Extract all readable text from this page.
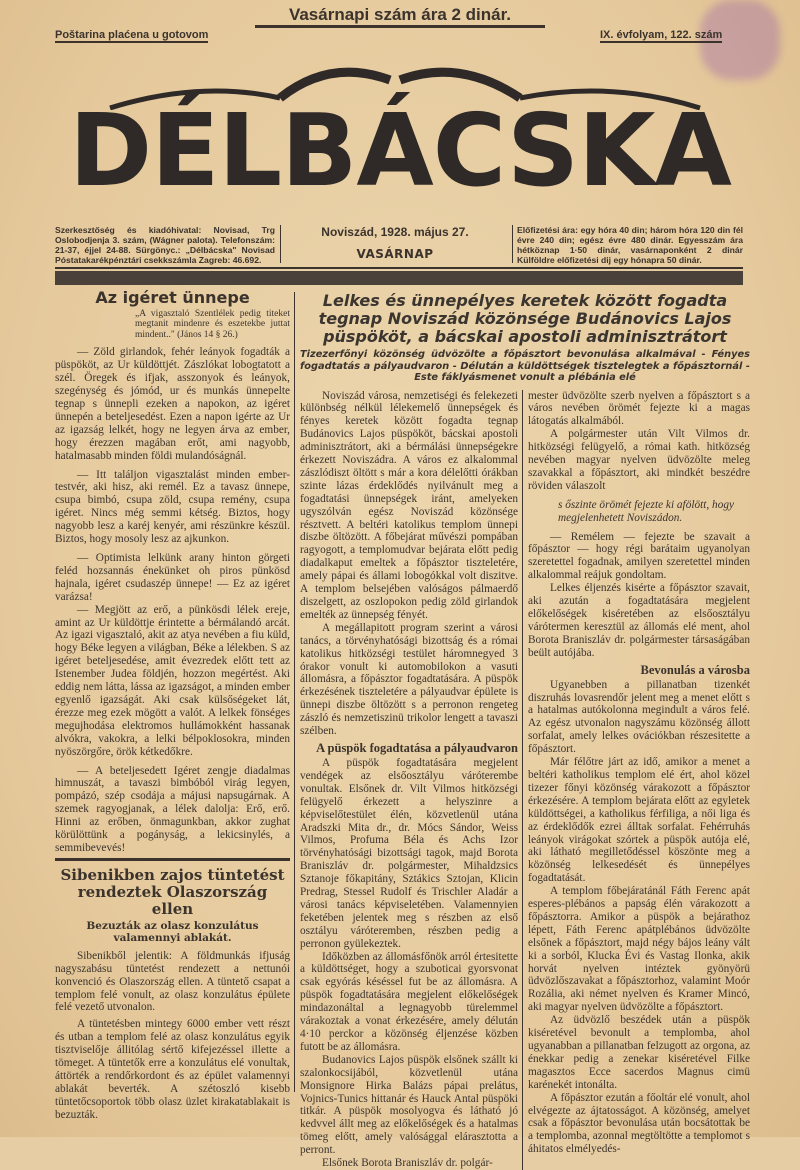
Vasárnapi szám ára 2 dinár.
Poštarina plaćena u gotovom	IX. évfolyam, 122. szám
DÉLBÁCSKA
Szerkesztőség és kiadóhivatal: Novisad, Trg Oslobodjenja 3. szám, (Wágner palota). Telefonszám: 21-37, éjjel 24-88. Sürgönyc.: „Délbácska" Novisad Póstatakarékpénztári csekkszámla Zagreb: 46.692.
Noviszád, 1928. május 27.
VASÁRNAP
Előfizetési ára: egy hóra 40 din; három hóra 120 din fél évre 240 din; egész évre 480 dinár. Egyesszám ára hétköznap 1·50 dinár, vasárnaponként 2 dinár Külföldre előfizetési dij egy hónapra 50 dinár.
Az igéret ünnepe
„A vigasztaló Szentlélek pedig titeket megtanit mindenre és eszetekbe juttat mindent.." (János 14 § 26.)

— Zöld girlandok, fehér leányok fogadták a püspököt, az Ur küldöttjét. Zászlókat lobogtatott a szél. Öregek és ifjak, asszonyok és leányok, szegénység és jómód, ur és munkás ünnepelte tegnap s ünnepli ezeken a napokon, az igéret ünnepén a beteljesedést. Ezen a napon igérte az Ur az igazság lelkét, hogy ne legyen árva az ember, hogy érezzen magában erőt, ami nagyobb, hatalmasabb minden földi mulandóságnál.

— Itt találjon vigasztalást minden ember-testvér, aki hisz, aki remél. Ez a tavasz ünnepe, csupa bimbó, csupa zöld, csupa remény, csupa igéret. Nincs még semmi kétség. Biztos, hogy nagyobb lesz a karéj kenyér, ami részünkre készül. Biztos, hogy mosoly lesz az ajkunkon.

— Optimista lelkünk arany hinton görgeti feléd hozsannás énekünket oh piros pünkösd hajnala, igéret csudaszép ünnepe! — Ez az igéret varázsa!

— Megjött az erő, a pünkösdi lélek ereje, amint az Ur küldöttje érintette a bérmálandó arcát. Az igazi vigasztaló, akit az atya nevében a fiu küld, hogy Béke legyen a világban, Béke a lélekben. S az igéret beteljesedése, amit évezredek előtt tett az Istenember Judea földjén, hozzon megértést. Aki eddig nem látta, lássa az igazságot, a minden ember egyenlő igazságát. Aki csak külsőségeket lát, érezze meg ezek mögött a valót. A lelkek fönséges megujhodása elektromos hullámokként hassanak alvókra, vakokra, a lelki bélpoklosokra, minden nyöszörgőre, örök kétkedőkre.

— A beteljesedett Igéret zengje diadalmas himnuszát, a tavaszi bimbóból virág legyen, pompázó, szép csodája a májusi napsugárnak. A szemek ragyogjanak, a lélek dalolja: Erő, erő. Hinni az erőben, önmagunkban, akkor zughat körülöttünk a pogányság, a lekicsinylés, a semmibevevés!

Sibenikben zajos tüntetést rendeztek Olaszország ellen
Bezuzták az olasz konzulátus valamennyi ablakát.

Sibenikből jelentik: A földmunkás ifjuság nagyszabásu tüntetést rendezett a nettunói konvenció és Olaszország ellen. A tüntető csapat a templom felé vonult, az olasz konzulátus épülete felé vezető utvonalon.

A tüntetésben mintegy 6000 ember vett részt és utban a templom felé az olasz konzulátus egyik tisztviselője állitólag sértő kifejezéssel illette a tömeget. A tüntetők erre a konzulátus elé vonultak, áttörték a rendőrkordont és az épület valamennyi ablakát beverték. A szétoszló kisebb tüntetőcsoportok több olasz üzlet kirakatablakait is bezuzták.

Lelkes és ünnepélyes keretek között fogadta tegnap Noviszád közönsége Budánovics Lajos püspököt, a bácskai apostoli adminisztrátort
Tizezerfőnyi közönség üdvözölte a főpásztort bevonulása alkalmával - Fényes fogadtatás a pályaudvaron - Délután a küldöttségek tisztelegtek a főpásztornál - Este fáklyásmenet vonult a plébánia elé

Noviszád városa, nemzetiségi és felekezeti különbség nélkül lélekemelő ünnepségek és fényes keretek között fogadta tegnap Budánovics Lajos püspököt, bácskai apostoli adminisztrátort, aki a bérmálási ünnepségekre érkezett Noviszádra. A város ez alkalommal zászlódiszt öltött s már a kora délelőtti órákban szinte lázas érdeklődés nyilvánult meg a fogadtatási ünnepségek iránt, amelyeken ugyszólván egész Noviszád közönsége résztvett. A beltéri katolikus templom ünnepi diszbe öltözött. A főbejárat művészi pompában ragyogott, a templomudvar bejárata előtt pedig diadalkaput emeltek a főpásztor tiszteletére, amely pápai és állami lobogókkal volt diszitve. A templom belsejében valóságos pálmaerdő diszelgett, az oszlopokon pedig zöld girlandok emelték az ünnepség fényét.

A megállapitott program szerint a városi tanács, a törvényhatósági bizottság és a római katolikus hitközségi testület háromnegyed 3 órakor vonult ki automobilokon a vasuti állomásra, a főpásztor fogadtatására. A püspök érkezésének tiszteletére a pályaudvar épülete is ünnepi diszbe öltözött s a perronon rengeteg zászló és nemzetiszinü trikolor lengett a tavaszi szélben.

A püspök fogadtatása a pályaudvaron

A püspök fogadtatására megjelent vendégek az elsőosztályu váróterembe vonultak. Elsőnek dr. Vilt Vilmos hitközségi felügyelő érkezett a helyszinre a képviselőtestület élén, közvetlenül utána Aradszki Mita dr., dr. Mócs Sándor, Weiss Vilmos, Profuma Béla és Achs Izor törvényhatósági bizottsági tagok, majd Borota Braniszláv dr. polgármester, Mihaldzsics Sztanoje főkapitány, Sztákics Sztojan, Klicin Predrag, Stessel Rudolf és Trischler Aladár a városi tanács képviseletében. Valamennyien feketében jelentek meg s részben az első osztályu váróteremben, részben pedig a perronon gyülekeztek.

Időközben az állomásfőnök arról értesitette a küldöttséget, hogy a szuboticai gyorsvonat csak egyórás késéssel fut be az állomásra. A püspök fogadtatására megjelent előkelőségek mindazonáltal a legnagyobb türelemmel várakoztak a vonat érkezésére, amely délután 4·10 perckor a közönség éljenzése közben futott be az állomásra.

Budanovics Lajos püspök elsőnek szállt ki szalonkocsijából, közvetlenül utána Monsignore Hirka Balázs pápai prelátus, Vojnics-Tunics hittanár és Hauck Antal püspöki titkár. A püspök mosolyogva és látható jó kedvvel állt meg az előkelőségek és a hatalmas tömeg előtt, amely valósággal elárasztotta a perront.

Elsőnek Borota Braniszláv dr. polgár-

mester üdvözölte szerb nyelven a főpásztort s a város nevében örömét fejezte ki a magas látogatás alkalmából.

A polgármester után Vilt Vilmos dr. hitközségi felügyelő, a római kath. hitközség nevében magyar nyelven üdvözölte meleg szavakkal a főpásztort, aki mindkét beszédre röviden válaszolt

s őszinte örömét fejezte ki afölött, hogy megjelenhetett Noviszádon.

— Remélem — fejezte be szavait a főpásztor — hogy régi barátaim ugyanolyan szeretettel fogadnak, amilyen szeretettel minden alkalommal reájuk gondoltam.

Lelkes éljenzés kisérte a főpásztor szavait, aki azután a fogadtatására megjelent előkelőségek kiséretében az elsőosztályu várótermen keresztül az állomás elé ment, ahol Borota Braniszláv dr. polgármester társaságában beült autójába.

Bevonulás a városba

Ugyanebben a pillanatban tizenkét diszruhás lovasrendőr jelent meg a menet előtt s a hatalmas autókolonna megindult a város felé. Az egész utvonalon nagyszámu közönség állott sorfalat, amely lelkes ovációkban részesitette a főpásztort.

Már félőtre járt az idő, amikor a menet a beltéri katholikus templom elé ért, ahol közel tizezer főnyi közönség várakozott a főpásztor érkezésére. A templom bejárata előtt az egyletek küldöttségei, a katholikus férfiliga, a női liga és az érdeklődők ezrei álltak sorfalat. Fehérruhás leányok virágokat szórtek a püspök autója elé, aki látható megilletődéssel köszönte meg a közönség lelkesedését és ünnepélyes fogadtatását.

A templom főbejáratánál Fáth Ferenc apát esperes-plébános a papság élén várakozott a főpásztorra. Amikor a püspök a bejárathoz lépett, Fáth Ferenc apátplébános üdvözölte elsőnek a főpásztort, majd négy bájos leány vált ki a sorból, Klucka Évi és Vastag Ilonka, akik horvát nyelven intéztek gyönyörü üdvözlőszavakat a főpásztorhoz, valamint Moór Rozália, aki német nyelven és Kramer Mincó, aki magyar nyelven üdvözölte a főpásztort.

Az üdvözlő beszédek után a püspök kiséretével bevonult a templomba, ahol ugyanabban a pillanatban felzugott az orgona, az énekkar pedig a zenekar kiséretével Filke magasztos Ecce sacerdos Magnus cimü karénekét intonálta.

A főpásztor ezután a főoltár elé vonult, ahol elvégezte az ájtatosságot. A közönség, amelyet csak a főpásztor bevonulása után bocsátottak be a templomba, azonnal megtöltötte a templomot s áhitatos elmélyedés-
